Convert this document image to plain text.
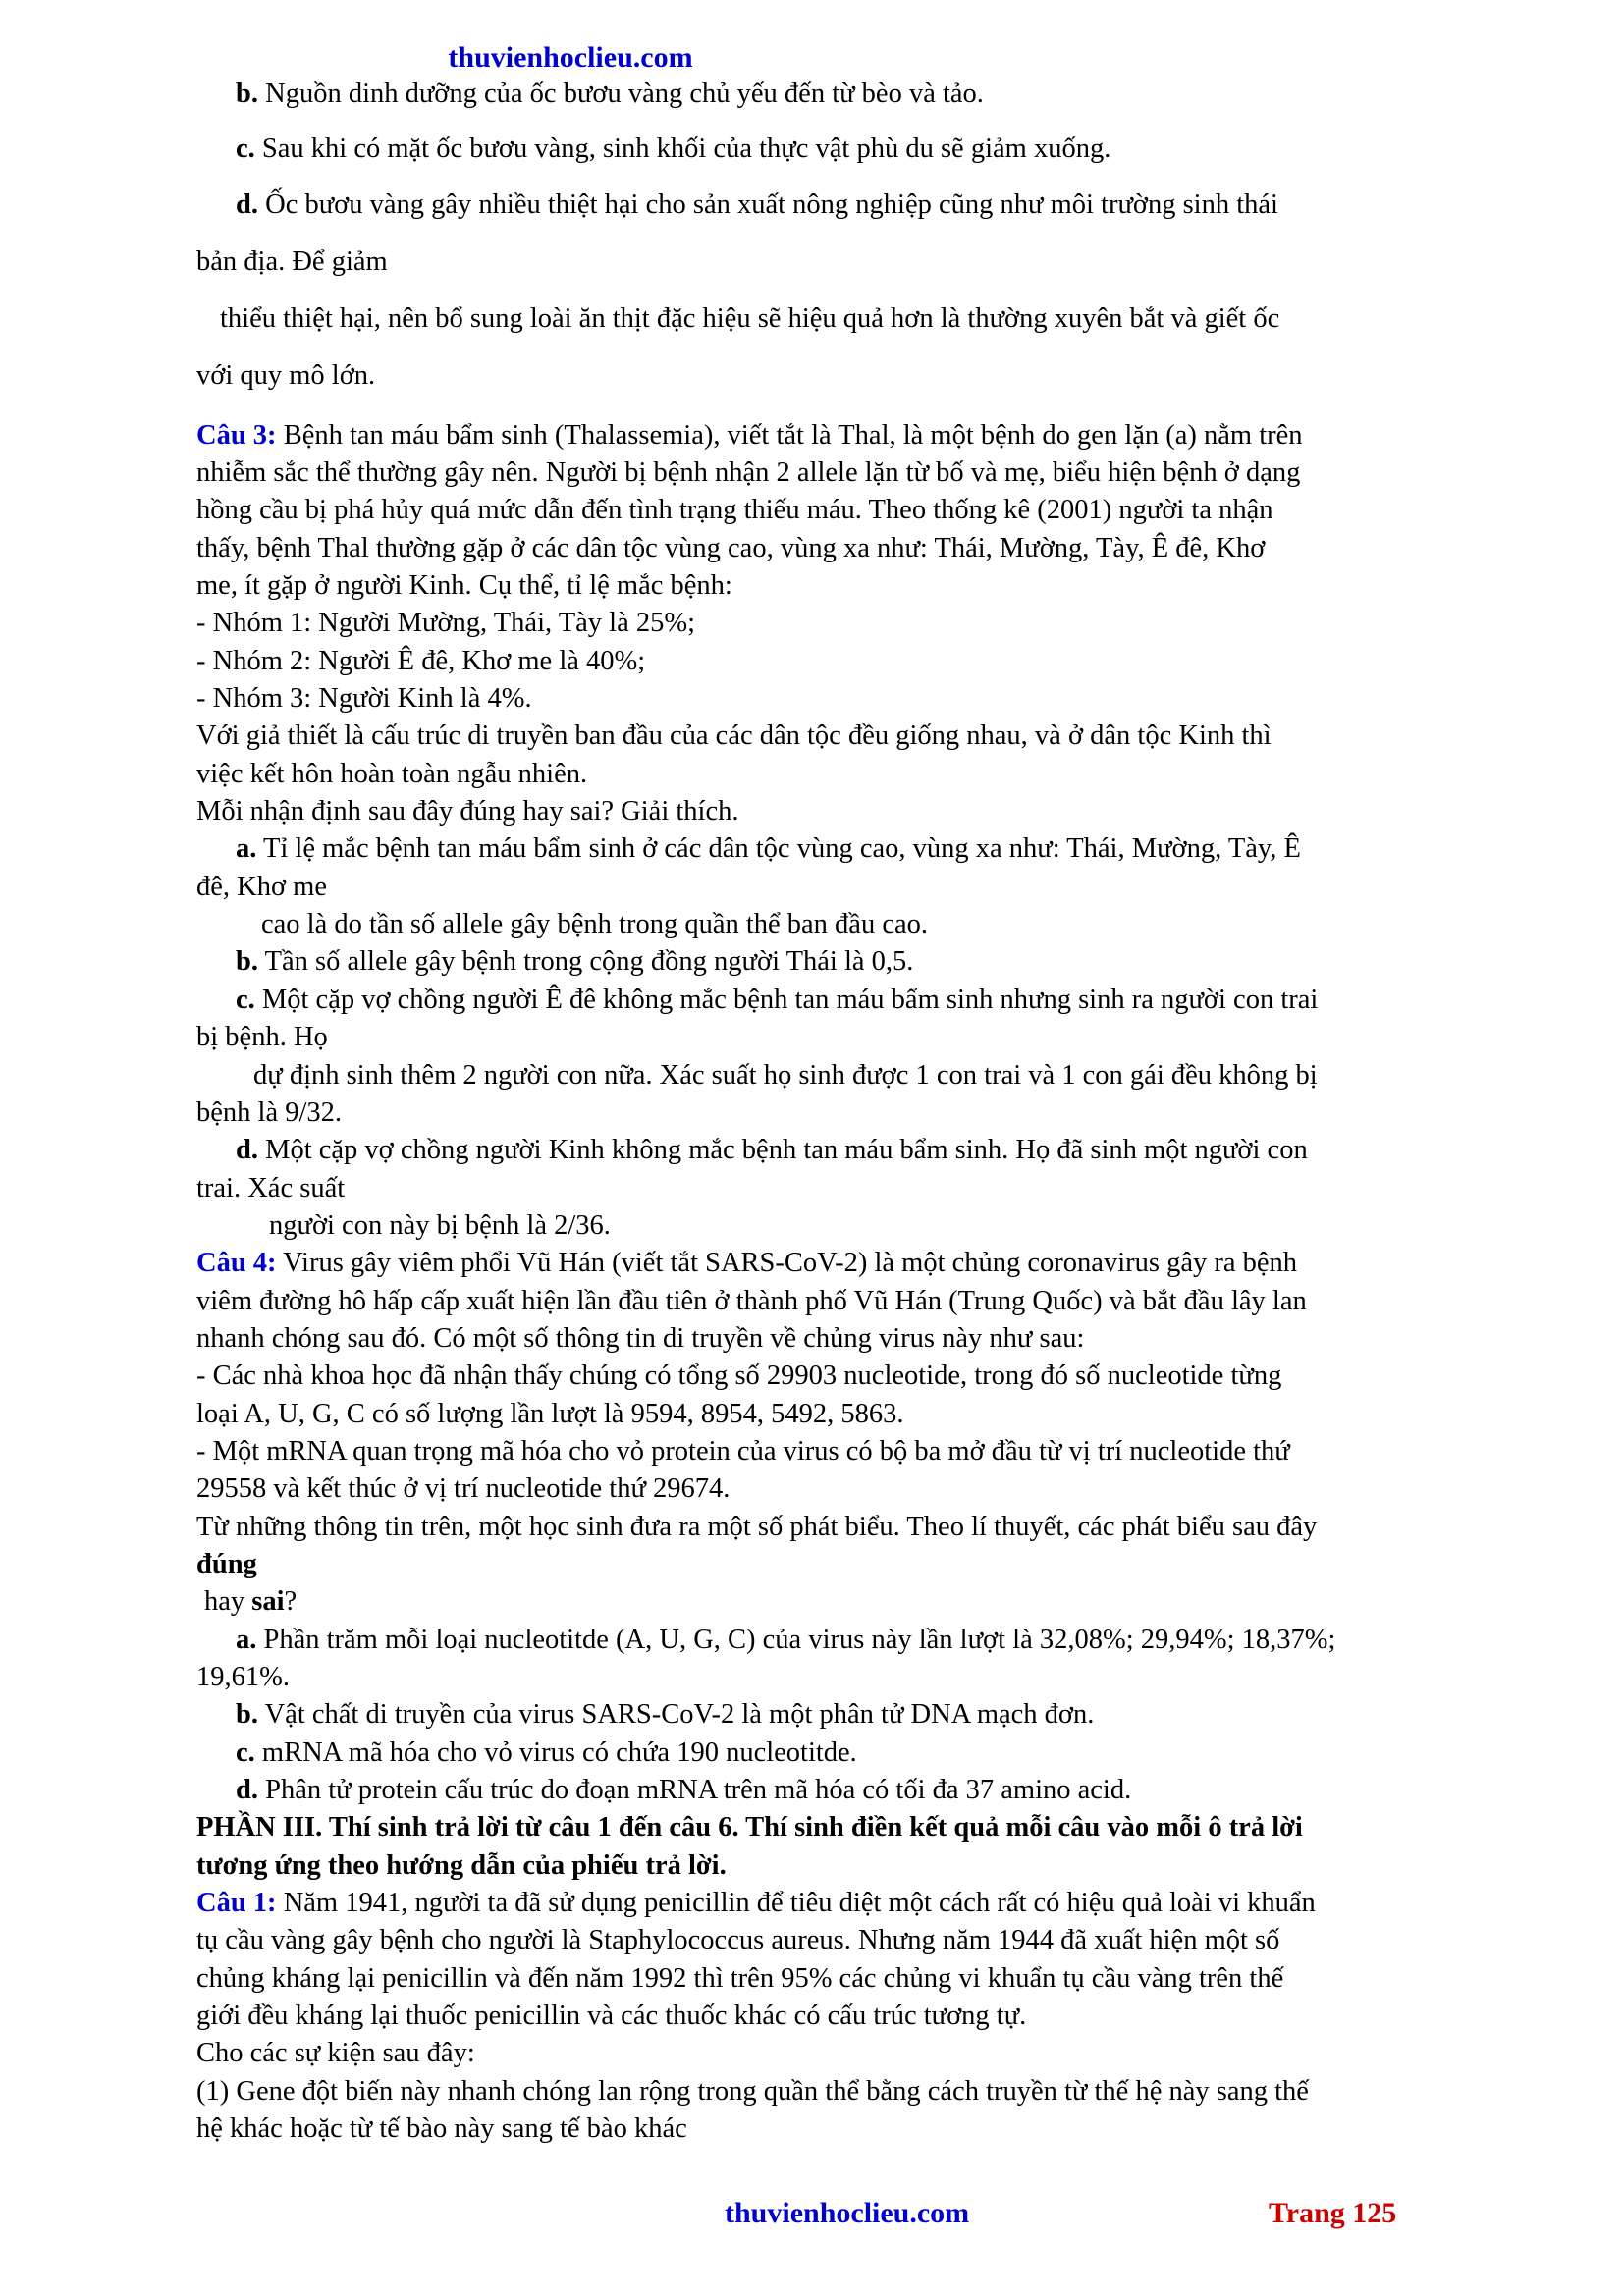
thuvienhoclieu.com
b. Nguồn dinh dưỡng của ốc bươu vàng chủ yếu đến từ bèo và tảo.
c. Sau khi có mặt ốc bươu vàng, sinh khối của thực vật phù du sẽ giảm xuống.
d. Ốc bươu vàng gây nhiều thiệt hại cho sản xuất nông nghiệp cũng như môi trường sinh thái
bản địa. Để giảm
thiểu thiệt hại, nên bổ sung loài ăn thịt đặc hiệu sẽ hiệu quả hơn là thường xuyên bắt và giết ốc
với quy mô lớn.
Câu 3: Bệnh tan máu bẩm sinh (Thalassemia), viết tắt là Thal, là một bệnh do gen lặn (a) nằm trên
nhiễm sắc thể thường gây nên. Người bị bệnh nhận 2 allele lặn từ bố và mẹ, biểu hiện bệnh ở dạng
hồng cầu bị phá hủy quá mức dẫn đến tình trạng thiếu máu. Theo thống kê (2001) người ta nhận
thấy, bệnh Thal thường gặp ở các dân tộc vùng cao, vùng xa như: Thái, Mường, Tày, Ê đê, Khơ
me, ít gặp ở người Kinh. Cụ thể, tỉ lệ mắc bệnh:
- Nhóm 1: Người Mường, Thái, Tày là 25%;
- Nhóm 2: Người Ê đê, Khơ me là 40%;
- Nhóm 3: Người Kinh là 4%.
Với giả thiết là cấu trúc di truyền ban đầu của các dân tộc đều giống nhau, và ở dân tộc Kinh thì
việc kết hôn hoàn toàn ngẫu nhiên.
Mỗi nhận định sau đây đúng hay sai? Giải thích.
a. Tỉ lệ mắc bệnh tan máu bẩm sinh ở các dân tộc vùng cao, vùng xa như: Thái, Mường, Tày, Ê
đê, Khơ me
cao là do tần số allele gây bệnh trong quần thể ban đầu cao.
b. Tần số allele gây bệnh trong cộng đồng người Thái là 0,5.
c. Một cặp vợ chồng người Ê đê không mắc bệnh tan máu bẩm sinh nhưng sinh ra người con trai
bị bệnh. Họ
dự định sinh thêm 2 người con nữa. Xác suất họ sinh được 1 con trai và 1 con gái đều không bị
bệnh là 9/32.
d. Một cặp vợ chồng người Kinh không mắc bệnh tan máu bẩm sinh. Họ đã sinh một người con
trai. Xác suất
người con này bị bệnh là 2/36.
Câu 4: Virus gây viêm phổi Vũ Hán (viết tắt SARS-CoV-2) là một chủng coronavirus gây ra bệnh
viêm đường hô hấp cấp xuất hiện lần đầu tiên ở thành phố Vũ Hán (Trung Quốc) và bắt đầu lây lan
nhanh chóng sau đó. Có một số thông tin di truyền về chủng virus này như sau:
- Các nhà khoa học đã nhận thấy chúng có tổng số 29903 nucleotide, trong đó số nucleotide từng
loại A, U, G, C có số lượng lần lượt là 9594, 8954, 5492, 5863.
- Một mRNA quan trọng mã hóa cho vỏ protein của virus có bộ ba mở đầu từ vị trí nucleotide thứ
29558 và kết thúc ở vị trí nucleotide thứ 29674.
Từ những thông tin trên, một học sinh đưa ra một số phát biểu. Theo lí thuyết, các phát biểu sau đây
đúng
hay sai?
a. Phần trăm mỗi loại nucleotitde (A, U, G, C) của virus này lần lượt là 32,08%; 29,94%; 18,37%;
19,61%.
b. Vật chất di truyền của virus SARS-CoV-2 là một phân tử DNA mạch đơn.
c. mRNA mã hóa cho vỏ virus có chứa 190 nucleotitde.
d. Phân tử protein cấu trúc do đoạn mRNA trên mã hóa có tối đa 37 amino acid.
PHẦN III. Thí sinh trả lời từ câu 1 đến câu 6. Thí sinh điền kết quả mỗi câu vào mỗi ô trả lời
tương ứng theo hướng dẫn của phiếu trả lời.
Câu 1: Năm 1941, người ta đã sử dụng penicillin để tiêu diệt một cách rất có hiệu quả loài vi khuẩn
tụ cầu vàng gây bệnh cho người là Staphylococcus aureus. Nhưng năm 1944 đã xuất hiện một số
chủng kháng lại penicillin và đến năm 1992 thì trên 95% các chủng vi khuẩn tụ cầu vàng trên thế
giới đều kháng lại thuốc penicillin và các thuốc khác có cấu trúc tương tự.
Cho các sự kiện sau đây:
(1) Gene đột biến này nhanh chóng lan rộng trong quần thể bằng cách truyền từ thế hệ này sang thế
hệ khác hoặc từ tế bào này sang tế bào khác
thuvienhoclieu.com	Trang 125
